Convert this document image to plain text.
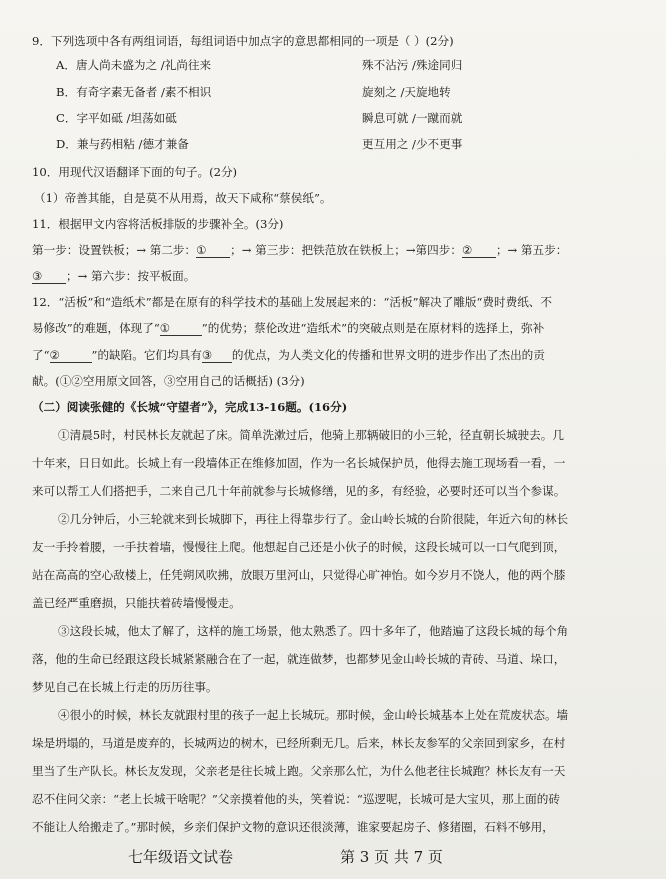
9．下列选项中各有两组词语，每组词语中加点字的意思都相同的一项是（ ）(2分)
A．唐人尚未盛为之 /礼尚往来	殊不沾污 /殊途同归
B．有奇字素无备者 /素不相识	旋刻之 /天旋地转
C．字平如砥 /坦荡如砥	瞬息可就 /一蹴而就
D．兼与药相粘 /德才兼备	更互用之 /少不更事
10．用现代汉语翻译下面的句子。(2分)
（1）帝善其能，自是莫不从用焉，故天下咸称“蔡侯纸”。
11．根据甲文内容将活板排版的步骤补全。(3分)
第一步：设置铁板；→ 第二步：① ；→ 第三步：把铁范放在铁板上；→第四步：② ；→ 第五步：
③ ；→ 第六步：按平板面。
12．“活板”和“造纸术”都是在原有的科学技术的基础上发展起来的：“活板”解决了雕版“费时费纸、不
易修改”的难题，体现了“①	”的优势；蔡伦改进“造纸术”的突破点则是在原材料的选择上，弥补
了“②	”的缺陷。它们均具有③ 的优点，为人类文化的传播和世界文明的进步作出了杰出的贡
献。(①②空用原文回答，③空用自己的话概括) (3分)
（二）阅读张健的《长城“守望者”》，完成13-16题。(16分)
①清晨5时，村民林长友就起了床。简单洗漱过后，他骑上那辆破旧的小三轮，径直朝长城驶去。几
十年来，日日如此。长城上有一段墙体正在维修加固，作为一名长城保护员，他得去施工现场看一看，一
来可以帮工人们搭把手，二来自己几十年前就参与长城修缮，见的多，有经验，必要时还可以当个参谋。
②几分钟后，小三轮就来到长城脚下，再往上得靠步行了。金山岭长城的台阶很陡，年近六旬的林长
友一手拎着腰，一手扶着墙，慢慢往上爬。他想起自己还是小伙子的时候，这段长城可以一口气爬到顶，
站在高高的空心敌楼上，任凭朔风吹拂，放眼万里河山，只觉得心旷神怡。如今岁月不饶人，他的两个膝
盖已经严重磨损，只能扶着砖墙慢慢走。
③这段长城，他太了解了，这样的施工场景，他太熟悉了。四十多年了，他踏遍了这段长城的每个角
落，他的生命已经跟这段长城紧紧融合在了一起，就连做梦，也都梦见金山岭长城的青砖、马道、垛口，
梦见自己在长城上行走的历历往事。
④很小的时候，林长友就跟村里的孩子一起上长城玩。那时候，金山岭长城基本上处在荒废状态。墙
垛是坍塌的，马道是废弃的，长城两边的树木，已经所剩无几。后来，林长友参军的父亲回到家乡，在村
里当了生产队长。林长友发现，父亲老是往长城上跑。父亲那么忙，为什么他老往长城跑？林长友有一天
忍不住问父亲：“老上长城干啥呢？”父亲摸着他的头，笑着说：“巡逻呢，长城可是大宝贝，那上面的砖
不能让人给搬走了。”那时候，乡亲们保护文物的意识还很淡薄，谁家要起房子、修猪圈，石料不够用，
七年级语文试卷	第 3 页 共 7 页
